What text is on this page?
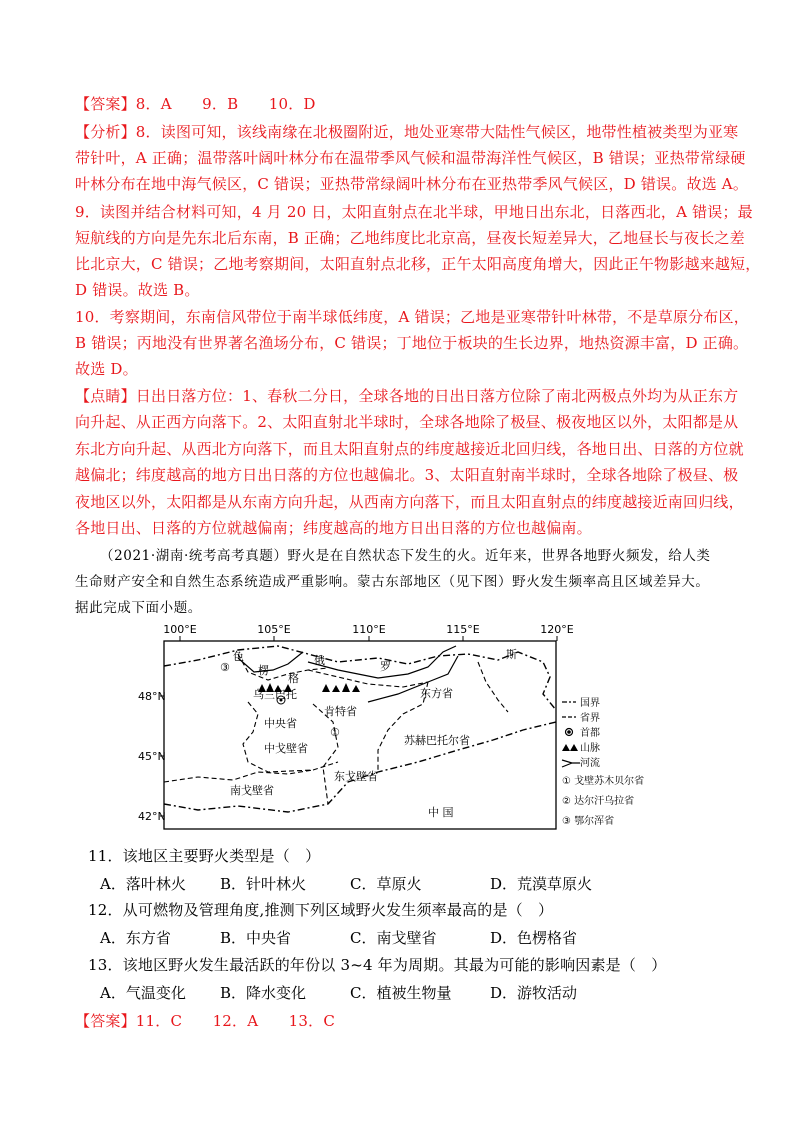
【答案】8．A　　9．B　　10．D
【分析】8．读图可知，该线南缘在北极圈附近，地处亚寒带大陆性气候区，地带性植被类型为亚寒
带针叶，A 正确；温带落叶阔叶林分布在温带季风气候和温带海洋性气候区，B 错误；亚热带常绿硬
叶林分布在地中海气候区，C 错误；亚热带常绿阔叶林分布在亚热带季风气候区，D 错误。故选 A。
9．读图并结合材料可知，4 月 20 日，太阳直射点在北半球，甲地日出东北，日落西北，A 错误；最
短航线的方向是先东北后东南，B 正确；乙地纬度比北京高，昼夜长短差异大，乙地昼长与夜长之差
比北京大，C 错误；乙地考察期间，太阳直射点北移，正午太阳高度角增大，因此正午物影越来越短，
D 错误。故选 B。
10．考察期间，东南信风带位于南半球低纬度，A 错误；乙地是亚寒带针叶林带，不是草原分布区，
B 错误；丙地没有世界著名渔场分布，C 错误；丁地位于板块的生长边界，地热资源丰富，D 正确。
故选 D。
【点睛】日出日落方位：1、春秋二分日，全球各地的日出日落方位除了南北两极点外均为从正东方
向升起、从正西方向落下。2、太阳直射北半球时，全球各地除了极昼、极夜地区以外，太阳都是从
东北方向升起、从西北方向落下，而且太阳直射点的纬度越接近北回归线，各地日出、日落的方位就
越偏北；纬度越高的地方日出日落的方位也越偏北。3、太阳直射南半球时，全球各地除了极昼、极
夜地区以外，太阳都是从东南方向升起，从西南方向落下，而且太阳直射点的纬度越接近南回归线，
各地日出、日落的方位就越偏南；纬度越高的地方日出日落的方位也越偏南。
（2021·湖南·统考高考真题）野火是在自然状态下发生的火。近年来，世界各地野火频发，给人类
生命财产安全和自然生态系统造成严重影响。蒙古东部地区（见下图）野火发生频率高且区域差异大。
据此完成下面小题。
100°E	105°E	110°E	115°E	120°E
48°N
45°N
42°N
色
楞
格
俄	罗
斯
③
东方省
肯特省
乌兰巴托
中央省
中戈壁省
苏赫巴托尔省
东戈壁省
南戈壁省
中 国
①
国界
省界
首都
山脉
河流
① 戈壁苏木贝尔省
② 达尔汗乌拉省
③ 鄂尔浑省
11．该地区主要野火类型是（　）
A．落叶林火 B．针叶林火	C．草原火	D．荒漠草原火
12．从可燃物及管理角度,推测下列区域野火发生须率最高的是（　）
A．东方省	B．中央省	C．南戈壁省	D．色楞格省
13．该地区野火发生最活跃的年份以 3~4 年为周期。其最为可能的影响因素是（　）
A．气温变化 B．降水变化	C．植被生物量	D．游牧活动
【答案】11．C　　12．A　　13．C
